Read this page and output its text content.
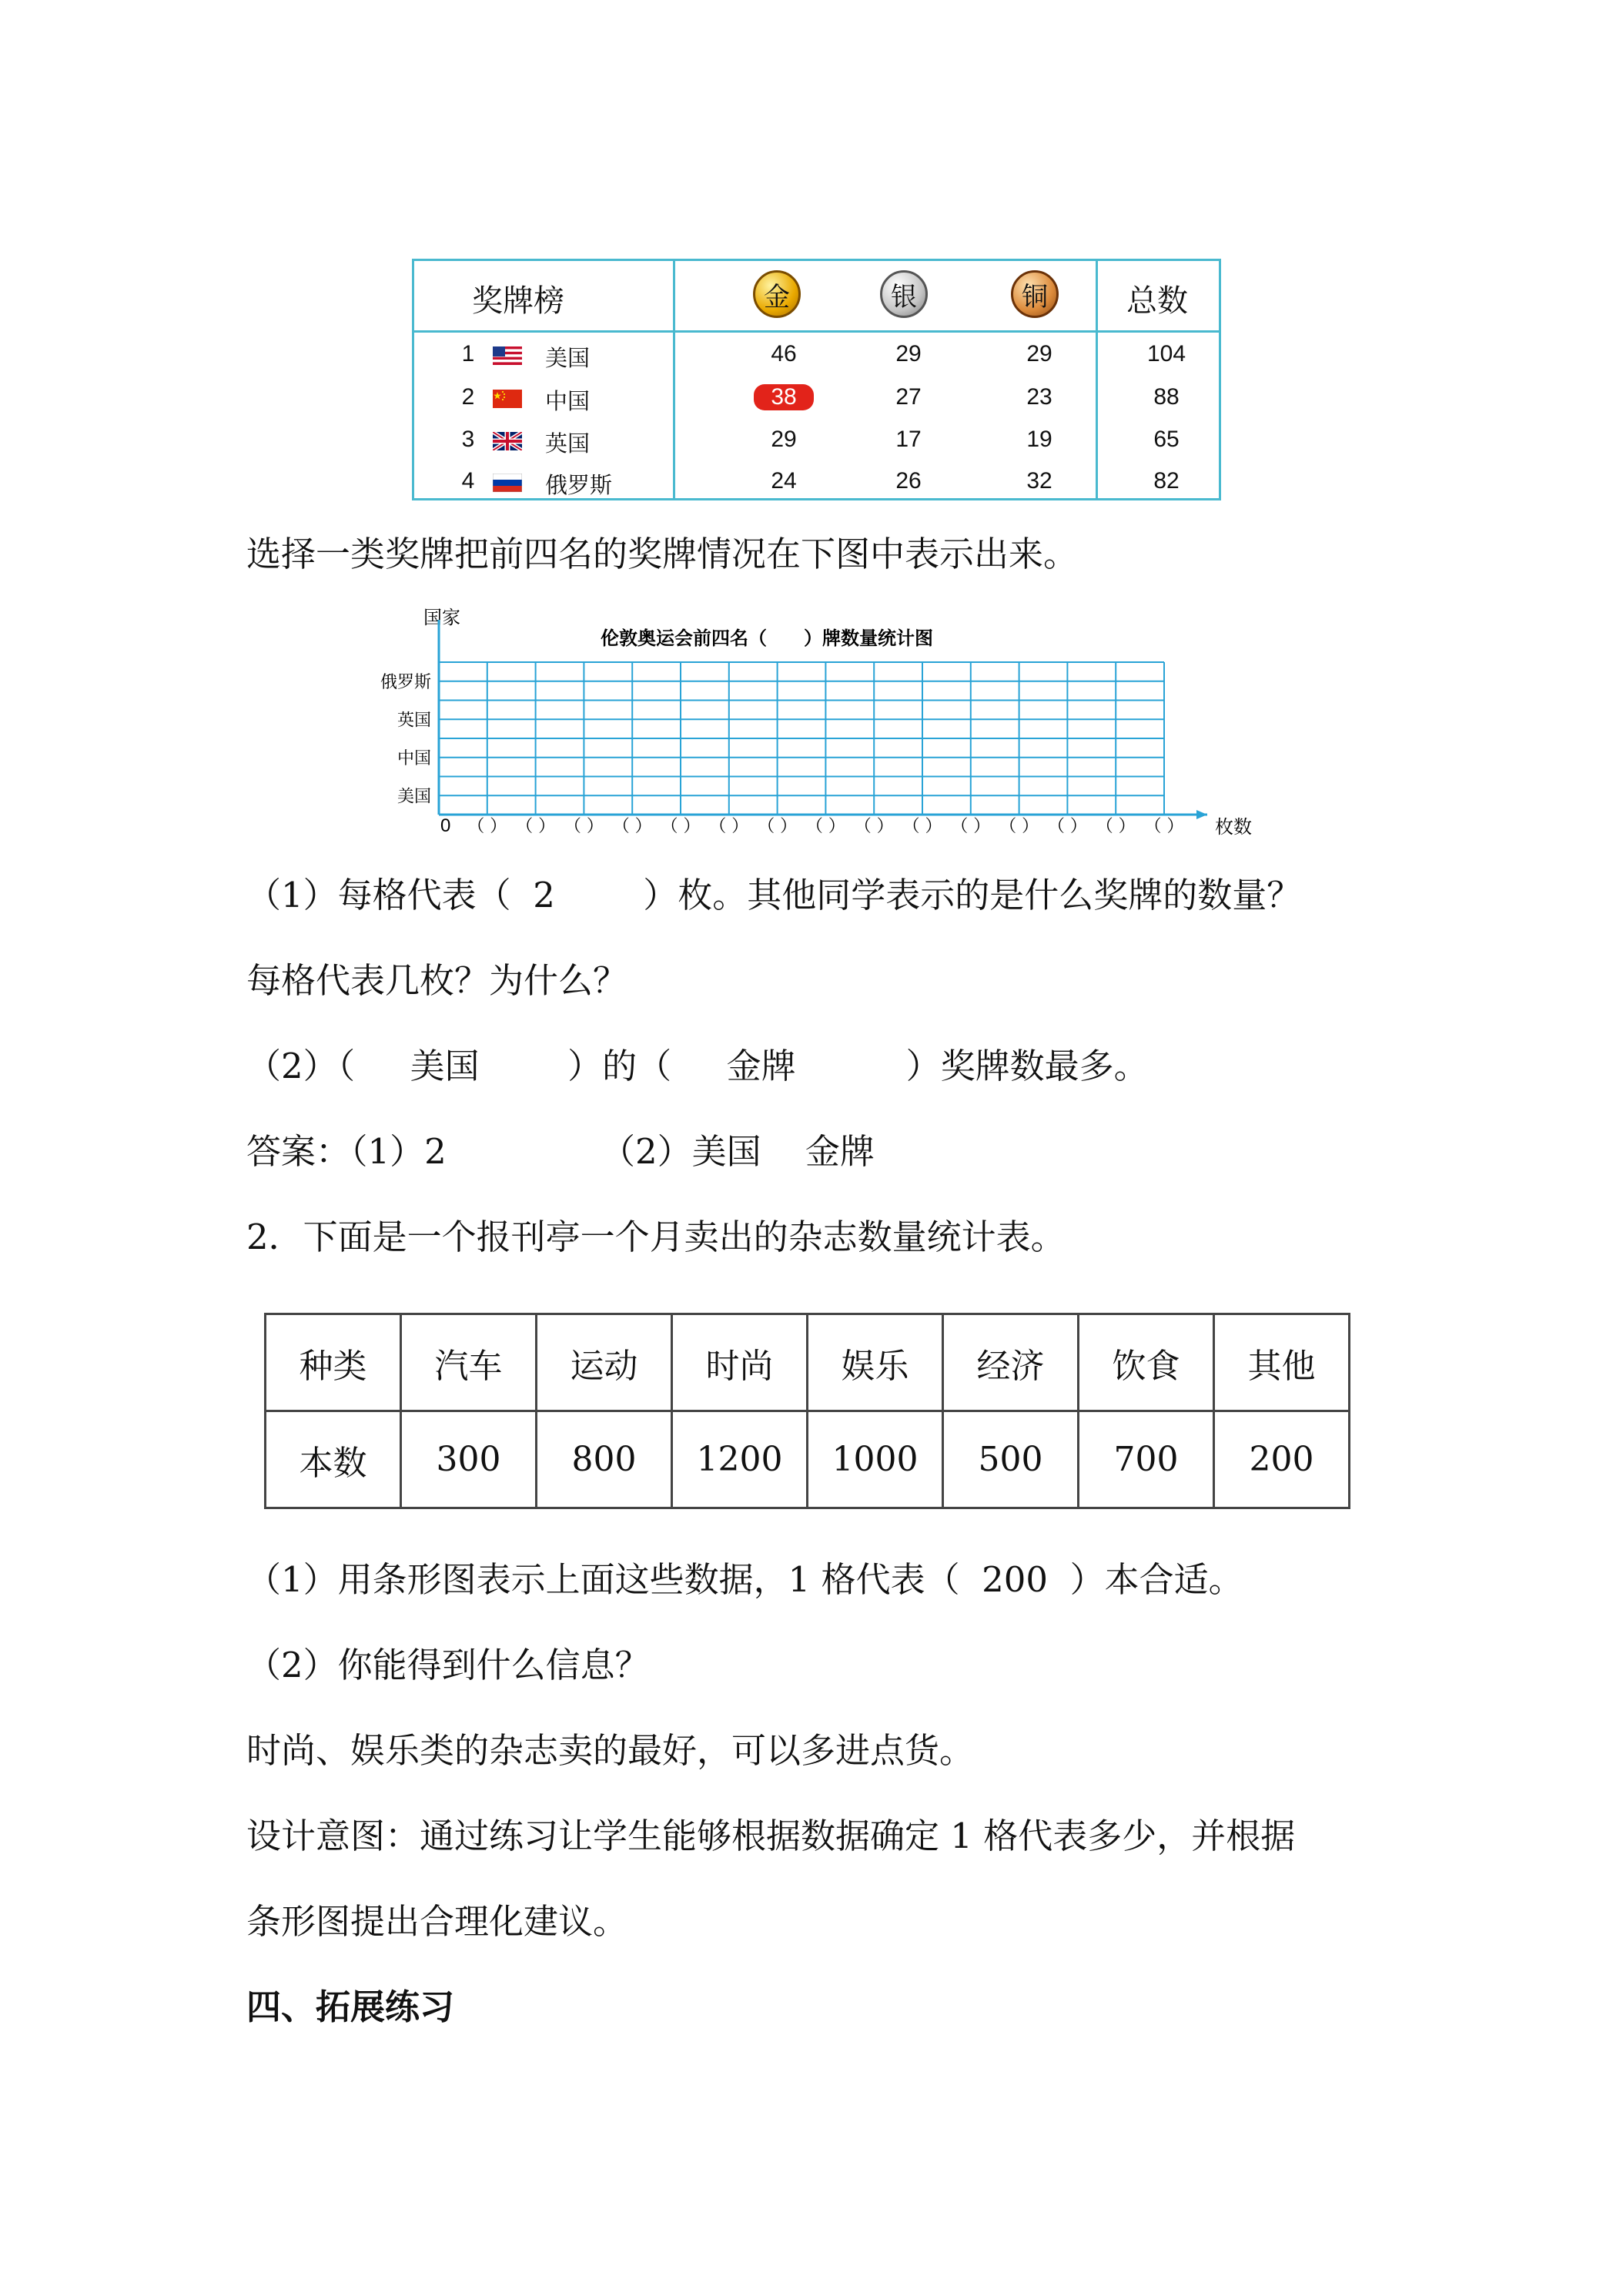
奖牌榜	金	银	铜	总数
1	美国	46	29	29	104
2	中国	38	27	23	88
3	英国	29	17	19	65
4	俄罗斯	24	26	32	82
选择一类奖牌把前四名的奖牌情况在下图中表示出来。
国家
伦敦奥运会前四名（　　）牌数量统计图
俄罗斯
英国
中国
美国
（ ） （ ） （ ） （ ） （ ） （ ） （ ） （ ） （ ） （ ） （ ） （ ） （ ） （ ） （ ）
0	枚数
（1）每格代表（  2        ）枚。其他同学表示的是什么奖牌的数量？
每格代表几枚？为什么？
（2）（     美国        ）的（     金牌          ）奖牌数最多。
答案：（1）2              （2）美国    金牌
2．下面是一个报刊亭一个月卖出的杂志数量统计表。
种类	汽车	运动	时尚	娱乐	经济	饮食	其他
本数	300	800	1200	1000	500	700	200
（1）用条形图表示上面这些数据，1 格代表（  200  ）本合适。
（2）你能得到什么信息？
时尚、娱乐类的杂志卖的最好，可以多进点货。
设计意图：通过练习让学生能够根据数据确定 1 格代表多少，并根据
条形图提出合理化建议。
四、拓展练习
